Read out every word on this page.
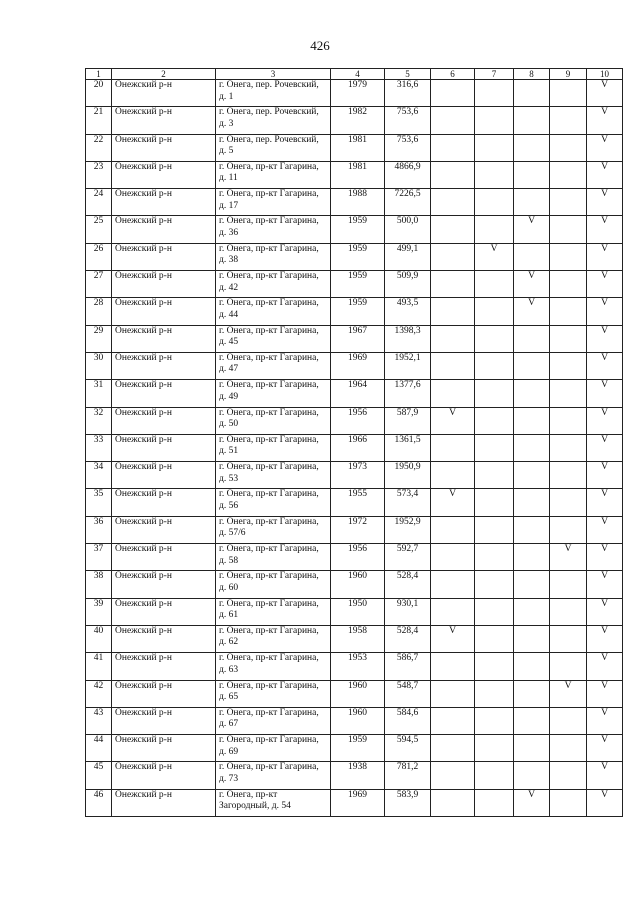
426
1	2	3	4	5	6	7	8	9	10
20	Онежский р-н	г. Онега, пер. Рочевский, д. 1	1979	316,6					V
21	Онежский р-н	г. Онега, пер. Рочевский, д. 3	1982	753,6					V
22	Онежский р-н	г. Онега, пер. Рочевский, д. 5	1981	753,6					V
23	Онежский р-н	г. Онега, пр-кт Гагарина, д. 11	1981	4866,9					V
24	Онежский р-н	г. Онега, пр-кт Гагарина, д. 17	1988	7226,5					V
25	Онежский р-н	г. Онега, пр-кт Гагарина, д. 36	1959	500,0			V		V
26	Онежский р-н	г. Онега, пр-кт Гагарина, д. 38	1959	499,1		V			V
27	Онежский р-н	г. Онега, пр-кт Гагарина, д. 42	1959	509,9			V		V
28	Онежский р-н	г. Онега, пр-кт Гагарина, д. 44	1959	493,5			V		V
29	Онежский р-н	г. Онега, пр-кт Гагарина, д. 45	1967	1398,3					V
30	Онежский р-н	г. Онега, пр-кт Гагарина, д. 47	1969	1952,1					V
31	Онежский р-н	г. Онега, пр-кт Гагарина, д. 49	1964	1377,6					V
32	Онежский р-н	г. Онега, пр-кт Гагарина, д. 50	1956	587,9	V				V
33	Онежский р-н	г. Онега, пр-кт Гагарина, д. 51	1966	1361,5					V
34	Онежский р-н	г. Онега, пр-кт Гагарина, д. 53	1973	1950,9					V
35	Онежский р-н	г. Онега, пр-кт Гагарина, д. 56	1955	573,4	V				V
36	Онежский р-н	г. Онега, пр-кт Гагарина, д. 57/6	1972	1952,9					V
37	Онежский р-н	г. Онега, пр-кт Гагарина, д. 58	1956	592,7				V	V
38	Онежский р-н	г. Онега, пр-кт Гагарина, д. 60	1960	528,4					V
39	Онежский р-н	г. Онега, пр-кт Гагарина, д. 61	1950	930,1					V
40	Онежский р-н	г. Онега, пр-кт Гагарина, д. 62	1958	528,4	V				V
41	Онежский р-н	г. Онега, пр-кт Гагарина, д. 63	1953	586,7					V
42	Онежский р-н	г. Онега, пр-кт Гагарина, д. 65	1960	548,7				V	V
43	Онежский р-н	г. Онега, пр-кт Гагарина, д. 67	1960	584,6					V
44	Онежский р-н	г. Онега, пр-кт Гагарина, д. 69	1959	594,5					V
45	Онежский р-н	г. Онега, пр-кт Гагарина, д. 73	1938	781,2					V
46	Онежский р-н	г. Онега, пр-кт Загородный, д. 54	1969	583,9			V		V
